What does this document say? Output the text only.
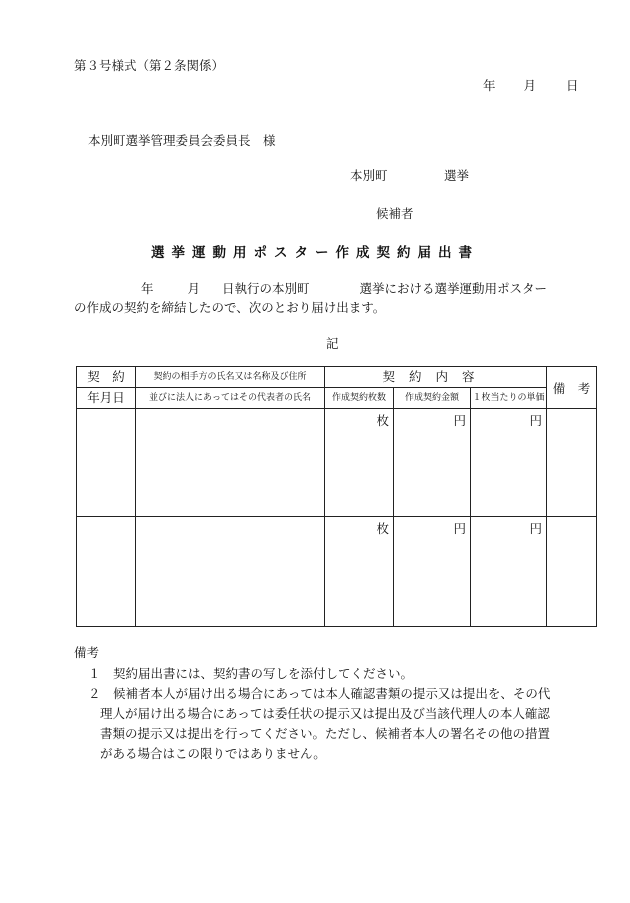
第３号様式（第２条関係）
年 月 日
本別町選挙管理委員会委員長　様
本別町	選挙
候補者
選挙運動用ポスター作成契約届出書
年	月 日執行の本別町	選挙における選挙運動用ポスター
の作成の契約を締結したので、次のとおり届け出ます。
記
契　約	契約の相手方の氏名又は名称及び住所	契約内容			備　考
年月日	並びに法人にあってはその代表者の氏名	作成契約枚数	作成契約金額	１枚当たりの単価	
		枚	円	円	
		枚	円	円	
備考
１　契約届出書には、契約書の写しを添付してください。
２　候補者本人が届け出る場合にあっては本人確認書類の提示又は提出を、その代
理人が届け出る場合にあっては委任状の提示又は提出及び当該代理人の本人確認
書類の提示又は提出を行ってください。ただし、候補者本人の署名その他の措置
がある場合はこの限りではありません。
